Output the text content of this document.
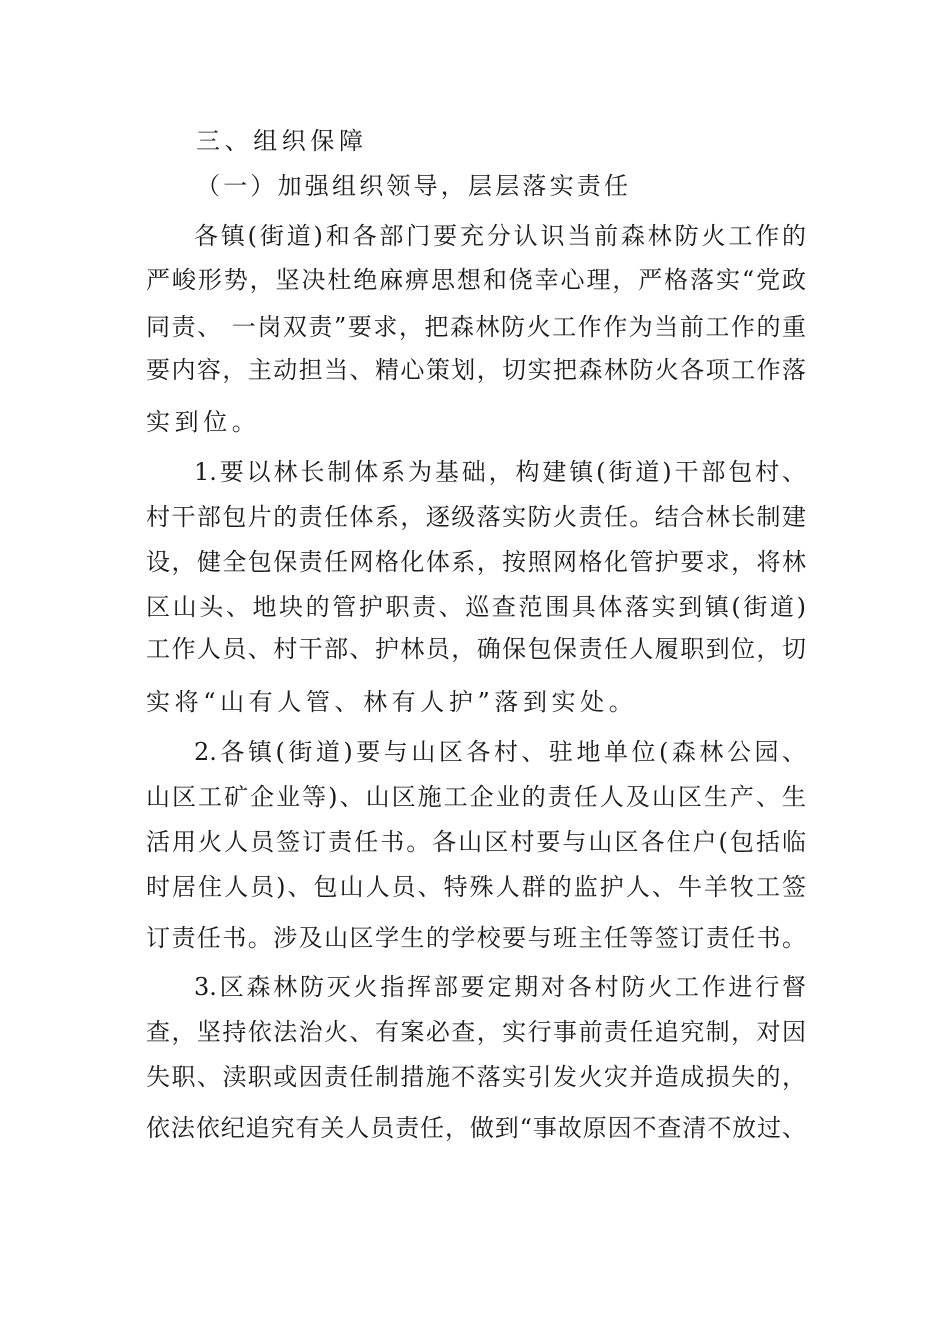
三、组织保障
（一）加强组织领导，层层落实责任
各镇(街道)和各部门要充分认识当前森林防火工作的
严峻形势，坚决杜绝麻痹思想和侥幸心理，严格落实“党政
同责、 一岗双责”要求，把森林防火工作作为当前工作的重
要内容，主动担当、精心策划，切实把森林防火各项工作落
实到位。
1.要以林长制体系为基础，构建镇(街道)干部包村、
村干部包片的责任体系，逐级落实防火责任。结合林长制建
设，健全包保责任网格化体系，按照网格化管护要求，将林
区山头、地块的管护职责、巡查范围具体落实到镇(街道)
工作人员、村干部、护林员，确保包保责任人履职到位，切
实将“山有人管、林有人护”落到实处。
2.各镇(街道)要与山区各村、驻地单位(森林公园、
山区工矿企业等)、山区施工企业的责任人及山区生产、生
活用火人员签订责任书。各山区村要与山区各住户(包括临
时居住人员)、包山人员、特殊人群的监护人、牛羊牧工签
订责任书。涉及山区学生的学校要与班主任等签订责任书。
3.区森林防灭火指挥部要定期对各村防火工作进行督
查，坚持依法治火、有案必查，实行事前责任追究制，对因
失职、渎职或因责任制措施不落实引发火灾并造成损失的，
依法依纪追究有关人员责任，做到“事故原因不查清不放过、
